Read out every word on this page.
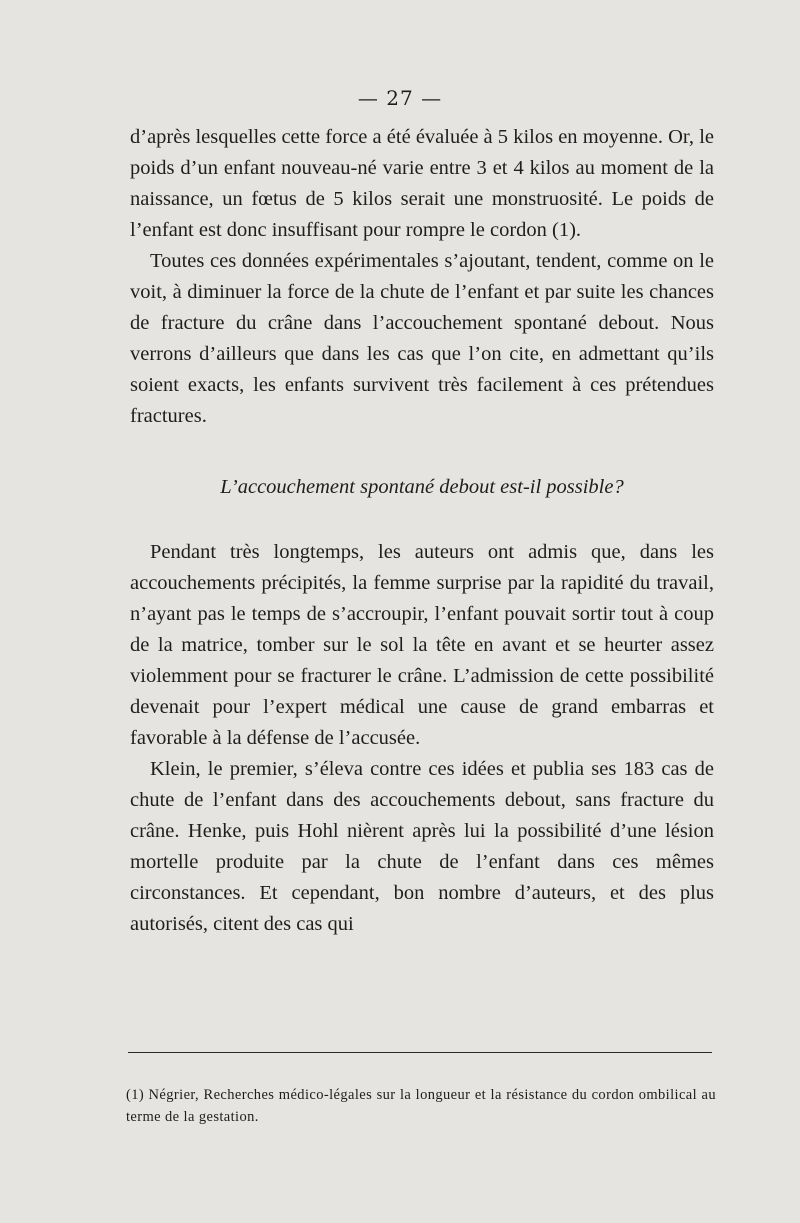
— 27 —

d’après lesquelles cette force a été évaluée à 5 kilos en moyenne. Or, le poids d’un enfant nouveau-né varie entre 3 et 4 kilos au moment de la naissance, un fœtus de 5 kilos serait une monstruosité. Le poids de l’enfant est donc insuffisant pour rompre le cordon (1).

Toutes ces données expérimentales s’ajoutant, tendent, comme on le voit, à diminuer la force de la chute de l’enfant et par suite les chances de fracture du crâne dans l’accouchement spontané debout. Nous verrons d’ailleurs que dans les cas que l’on cite, en admettant qu’ils soient exacts, les enfants survivent très facilement à ces prétendues fractures.

L’accouchement spontané debout est-il possible?

Pendant très longtemps, les auteurs ont admis que, dans les accouchements précipités, la femme surprise par la rapidité du travail, n’ayant pas le temps de s’accroupir, l’enfant pouvait sortir tout à coup de la matrice, tomber sur le sol la tête en avant et se heurter assez violemment pour se fracturer le crâne. L’admission de cette possibilité devenait pour l’expert médical une cause de grand embarras et favorable à la défense de l’accusée.

Klein, le premier, s’éleva contre ces idées et publia ses 183 cas de chute de l’enfant dans des accouchements debout, sans fracture du crâne. Henke, puis Hohl nièrent après lui la possibilité d’une lésion mortelle produite par la chute de l’enfant dans ces mêmes circonstances. Et cependant, bon nombre d’auteurs, et des plus autorisés, citent des cas qui

(1) Négrier, Recherches médico-légales sur la longueur et la résistance du cordon ombilical au terme de la gestation.
